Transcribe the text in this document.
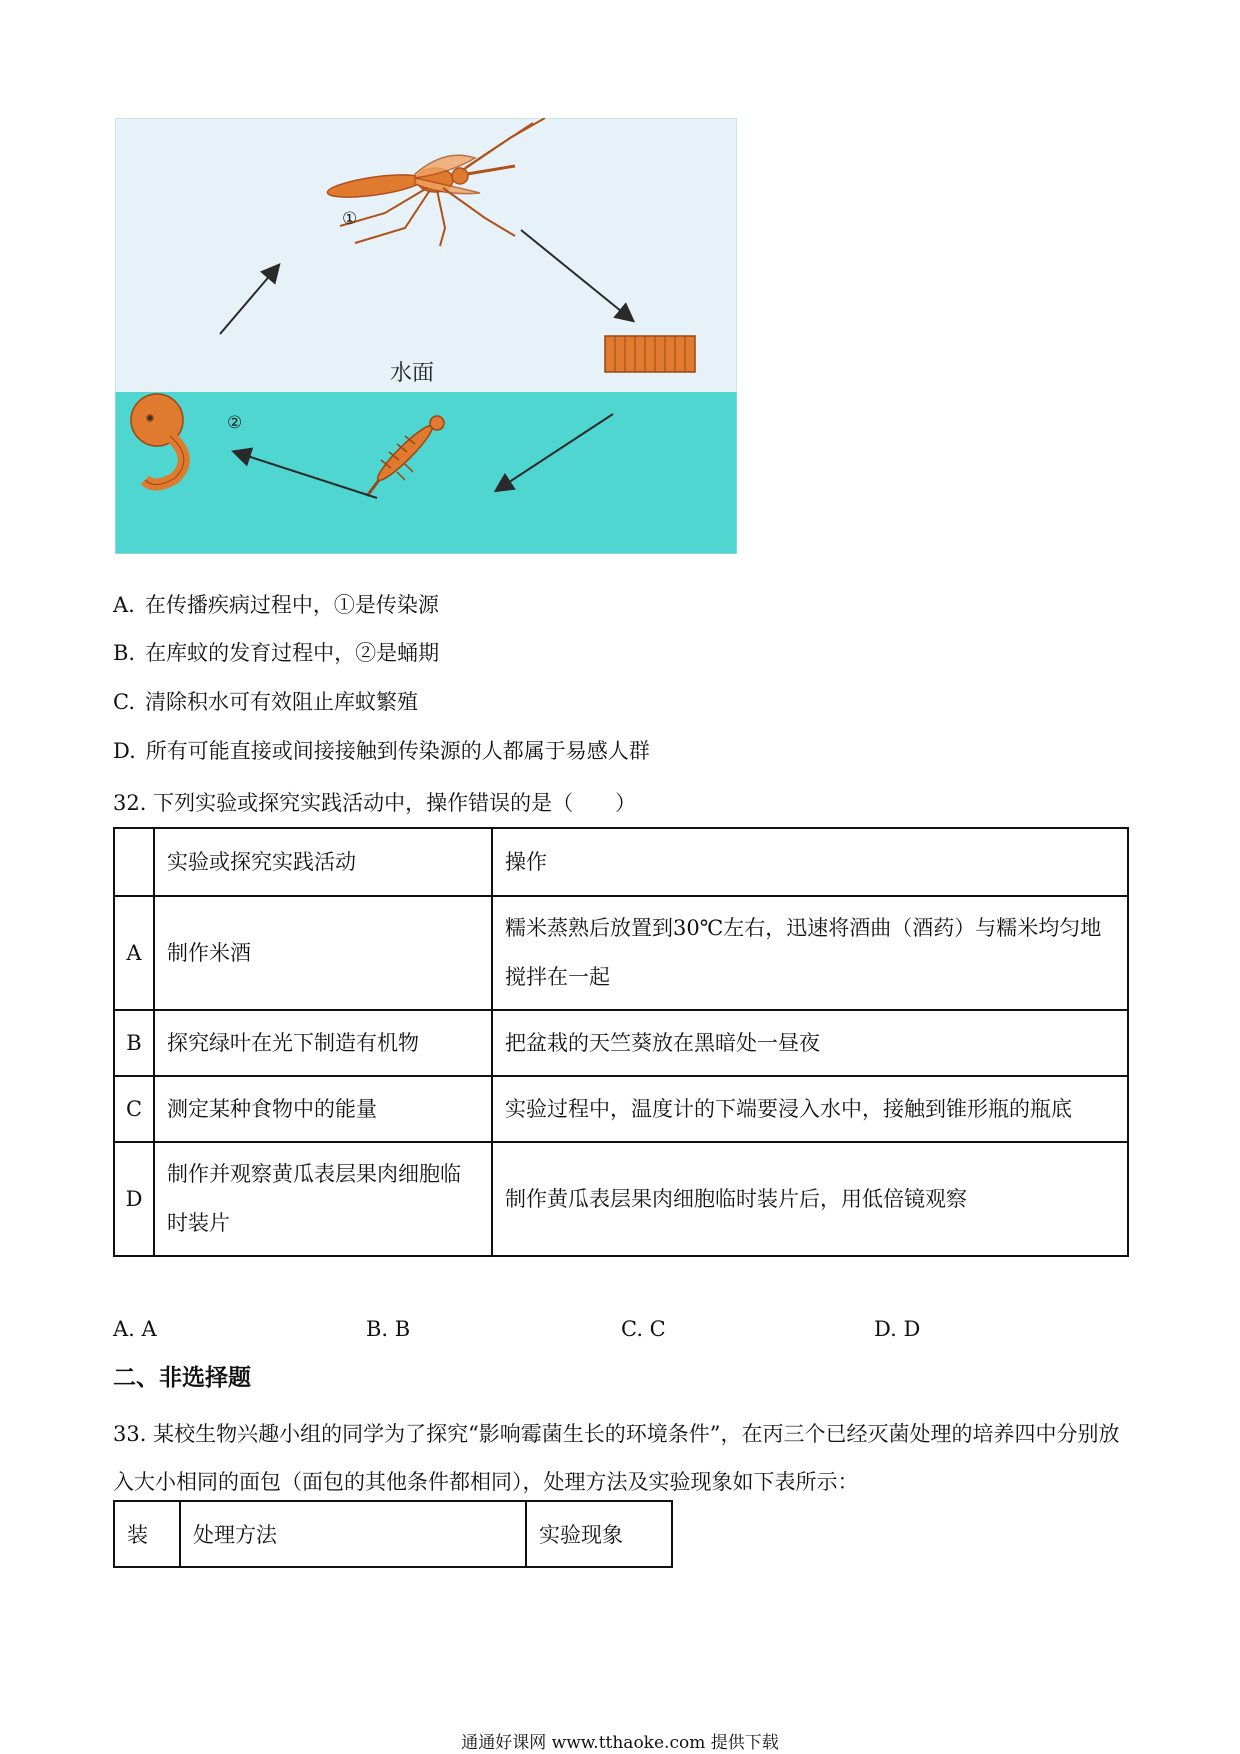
①
②
水面
A. 在传播疾病过程中，①是传染源
B. 在库蚊的发育过程中，②是蛹期
C. 清除积水可有效阻止库蚊繁殖
D. 所有可能直接或间接接触到传染源的人都属于易感人群
32. 下列实验或探究实践活动中，操作错误的是（　　）
	实验或探究实践活动	操作
A	制作米酒	糯米蒸熟后放置到30℃左右，迅速将酒曲（酒药）与糯米均匀地搅拌在一起
B	探究绿叶在光下制造有机物	把盆栽的天竺葵放在黑暗处一昼夜
C	测定某种食物中的能量	实验过程中，温度计的下端要浸入水中，接触到锥形瓶的瓶底
D	制作并观察黄瓜表层果肉细胞临时装片	制作黄瓜表层果肉细胞临时装片后，用低倍镜观察
A. A	B. B	C. C	D. D
二、非选择题
33. 某校生物兴趣小组的同学为了探究“影响霉菌生长的环境条件”，在丙三个已经灭菌处理的培养四中分别放入大小相同的面包（面包的其他条件都相同），处理方法及实验现象如下表所示：
装	处理方法	实验现象
通通好课网 www.tthaoke.com 提供下载
